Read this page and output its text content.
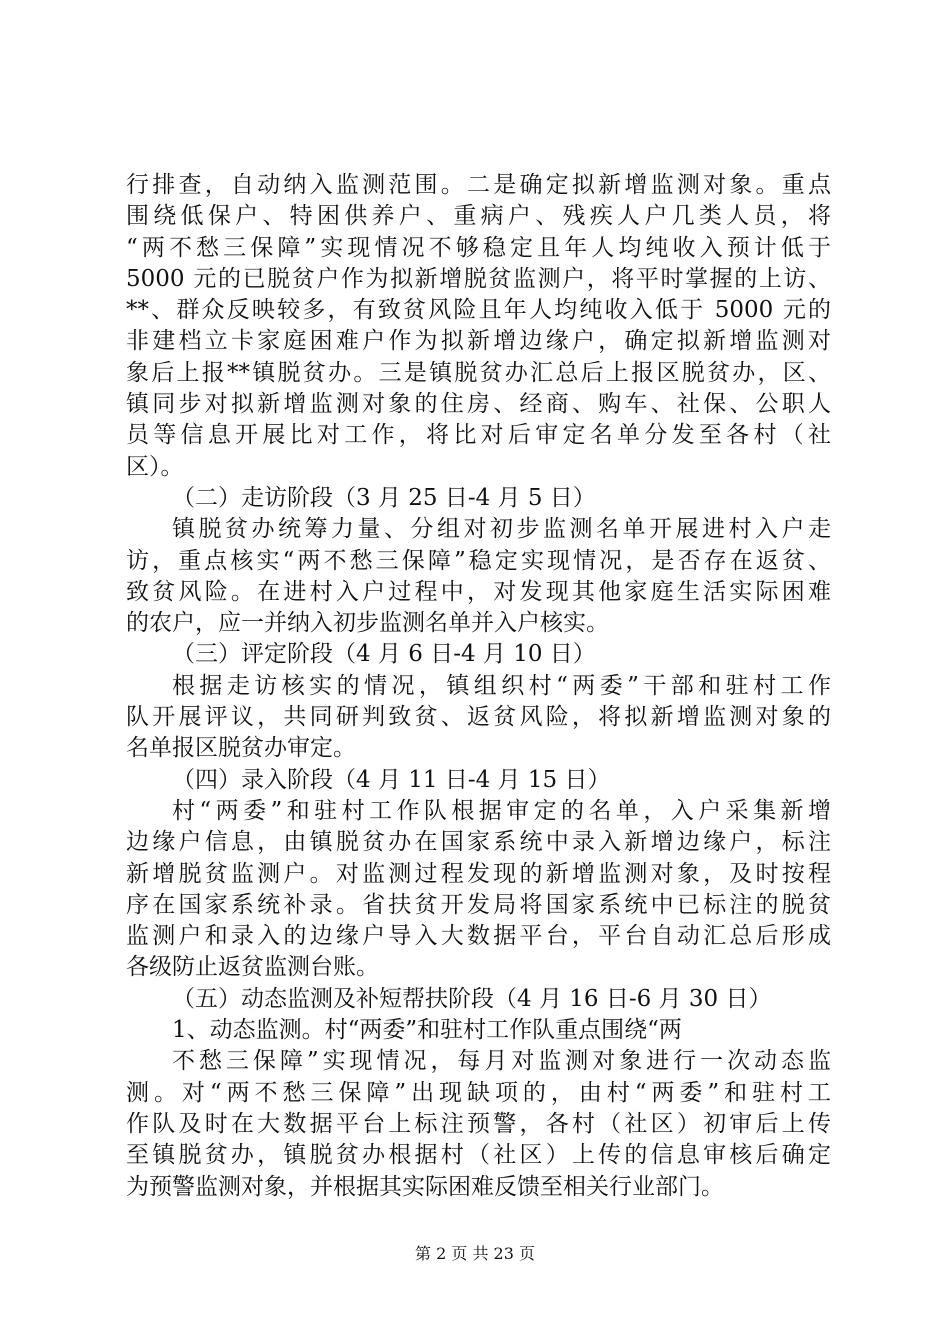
行排查，自动纳入监测范围。二是确定拟新增监测对象。重点
围绕低保户、特困供养户、重病户、残疾人户几类人员，将
“两不愁三保障”实现情况不够稳定且年人均纯收入预计低于
5000 元的已脱贫户作为拟新增脱贫监测户，将平时掌握的上访、
**、群众反映较多，有致贫风险且年人均纯收入低于 5000 元的
非建档立卡家庭困难户作为拟新增边缘户，确定拟新增监测对
象后上报**镇脱贫办。三是镇脱贫办汇总后上报区脱贫办，区、
镇同步对拟新增监测对象的住房、经商、购车、社保、公职人
员等信息开展比对工作，将比对后审定名单分发至各村（社
区）。
（二）走访阶段（3 月 25 日-4 月 5 日）
镇脱贫办统筹力量、分组对初步监测名单开展进村入户走
访，重点核实“两不愁三保障”稳定实现情况，是否存在返贫、
致贫风险。在进村入户过程中，对发现其他家庭生活实际困难
的农户，应一并纳入初步监测名单并入户核实。
（三）评定阶段（4 月 6 日-4 月 10 日）
根据走访核实的情况，镇组织村“两委”干部和驻村工作
队开展评议，共同研判致贫、返贫风险，将拟新增监测对象的
名单报区脱贫办审定。
（四）录入阶段（4 月 11 日-4 月 15 日）
村“两委”和驻村工作队根据审定的名单，入户采集新增
边缘户信息，由镇脱贫办在国家系统中录入新增边缘户，标注
新增脱贫监测户。对监测过程发现的新增监测对象，及时按程
序在国家系统补录。省扶贫开发局将国家系统中已标注的脱贫
监测户和录入的边缘户导入大数据平台，平台自动汇总后形成
各级防止返贫监测台账。
（五）动态监测及补短帮扶阶段（4 月 16 日-6 月 30 日）
1、动态监测。村“两委”和驻村工作队重点围绕“两
不愁三保障”实现情况，每月对监测对象进行一次动态监
测。对“两不愁三保障”出现缺项的，由村“两委”和驻村工
作队及时在大数据平台上标注预警，各村（社区）初审后上传
至镇脱贫办，镇脱贫办根据村（社区）上传的信息审核后确定
为预警监测对象，并根据其实际困难反馈至相关行业部门。
第 2 页 共 23 页
